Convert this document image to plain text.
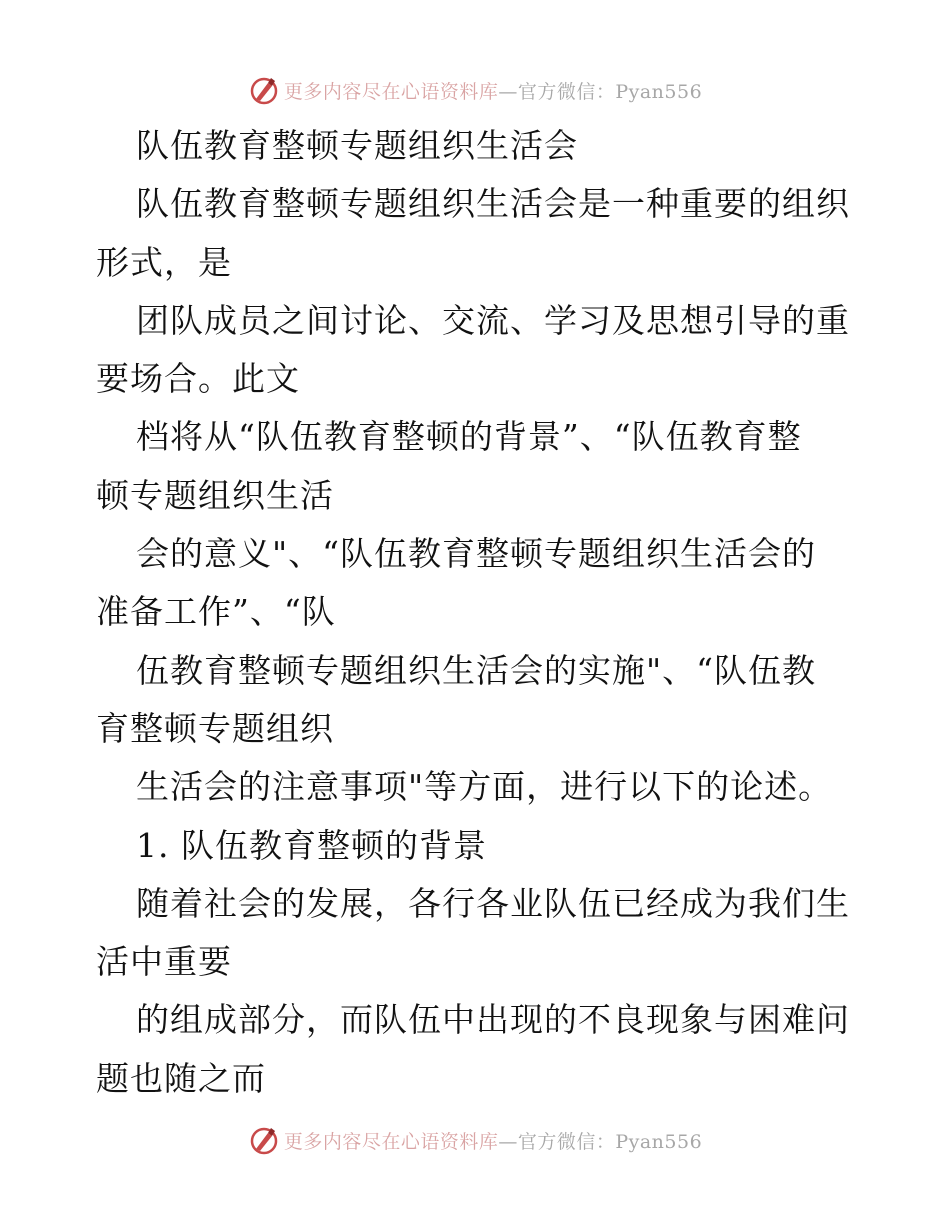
更多内容尽在心语资料库 —官方微信：Pyan556
队伍教育整顿专题组织生活会
队伍教育整顿专题组织生活会是一种重要的组织
形式，是
团队成员之间讨论、交流、学习及思想引导的重
要场合。此文
档将从“队伍教育整顿的背景”、“队伍教育整
顿专题组织生活
会的意义"、“队伍教育整顿专题组织生活会的
准备工作”、“队
伍教育整顿专题组织生活会的实施"、“队伍教
育整顿专题组织
生活会的注意事项"等方面，进行以下的论述。
1. 队伍教育整顿的背景
随着社会的发展，各行各业队伍已经成为我们生
活中重要
的组成部分，而队伍中出现的不良现象与困难问
题也随之而
更多内容尽在心语资料库 —官方微信：Pyan556
